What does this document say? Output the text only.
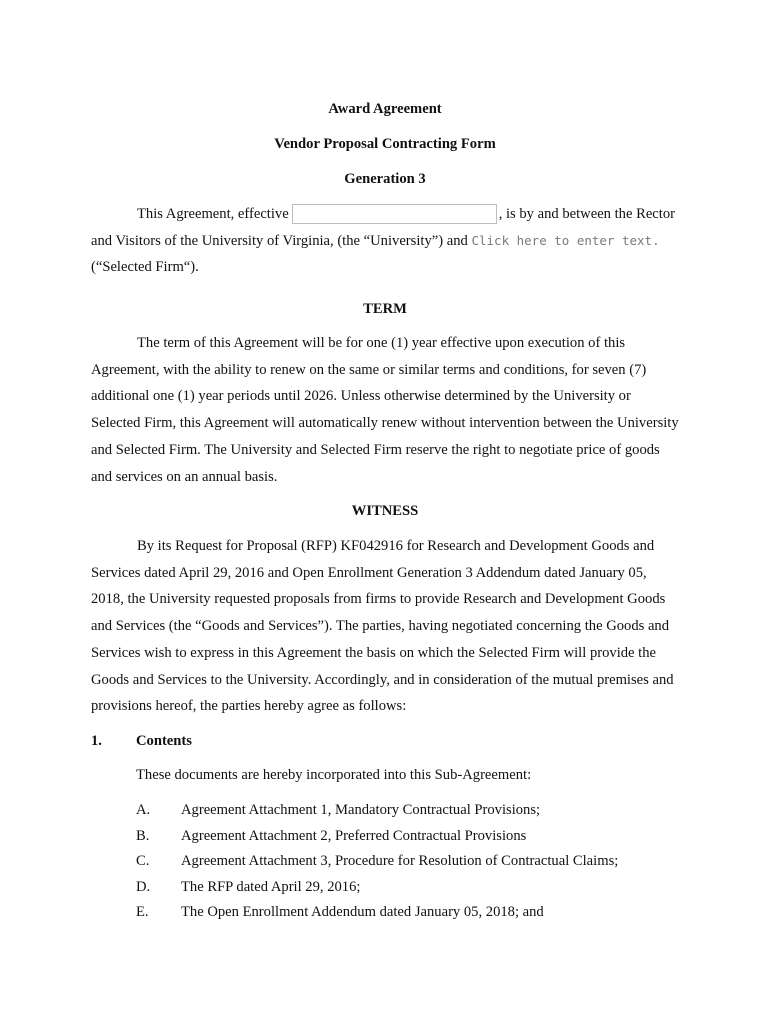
Award Agreement

Vendor Proposal Contracting Form

Generation 3

This Agreement, effective	, is by and between the Rector and Visitors of the University of Virginia, (the “University”) and Click here to enter text. (“Selected Firm“).

TERM

The term of this Agreement will be for one (1) year effective upon execution of this Agreement, with the ability to renew on the same or similar terms and conditions, for seven (7) additional one (1) year periods until 2026. Unless otherwise determined by the University or Selected Firm, this Agreement will automatically renew without intervention between the University and Selected Firm. The University and Selected Firm reserve the right to negotiate price of goods and services on an annual basis.

WITNESS

By its Request for Proposal (RFP) KF042916 for Research and Development Goods and Services dated April 29, 2016 and Open Enrollment Generation 3 Addendum dated January 05, 2018, the University requested proposals from firms to provide Research and Development Goods and Services (the “Goods and Services”). The parties, having negotiated concerning the Goods and Services wish to express in this Agreement the basis on which the Selected Firm will provide the Goods and Services to the University. Accordingly, and in consideration of the mutual premises and provisions hereof, the parties hereby agree as follows:

1. Contents
These documents are hereby incorporated into this Sub-Agreement:
A. Agreement Attachment 1, Mandatory Contractual Provisions;
B. Agreement Attachment 2, Preferred Contractual Provisions
C. Agreement Attachment 3, Procedure for Resolution of Contractual Claims;
D. The RFP dated April 29, 2016;
E. The Open Enrollment Addendum dated January 05, 2018; and
